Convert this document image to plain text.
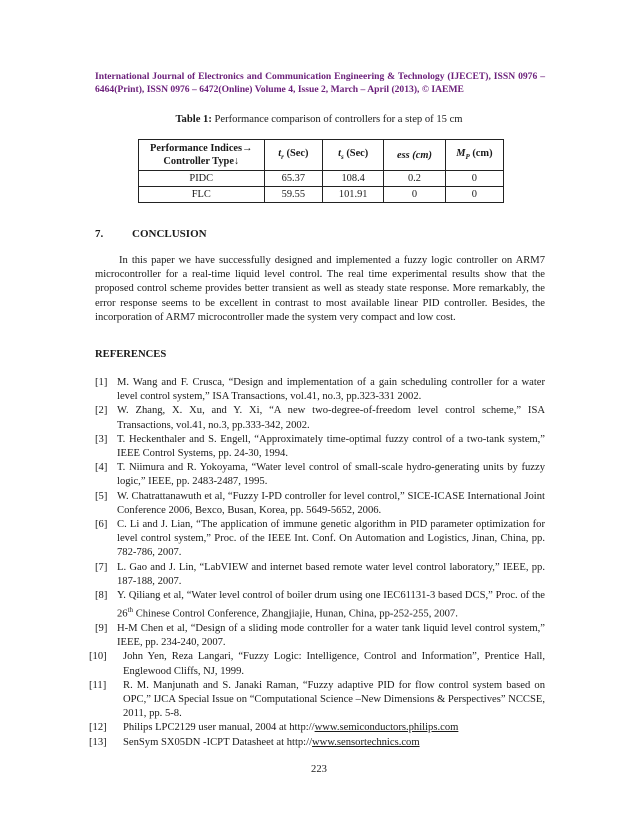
International Journal of Electronics and Communication Engineering & Technology (IJECET), ISSN 0976 – 6464(Print), ISSN 0976 – 6472(Online) Volume 4, Issue 2, March – April (2013), © IAEME
Table 1: Performance comparison of controllers for a step of 15 cm
Performance Indices→
Controller Type↓	$t_r$ (Sec)	$t_s$ (Sec)	ess (cm)	$M_P$ (cm)
PIDC	65.37	108.4	0.2	0
FLC	59.55	101.91	0	0
7.	CONCLUSION

In this paper we have successfully designed and implemented a fuzzy logic controller on ARM7 microcontroller for a real-time liquid level control. The real time experimental results show that the proposed control scheme provides better transient as well as steady state response. More remarkably, the error response seems to be excellent in contrast to most available linear PID controller. Besides, the incorporation of ARM7 microcontroller made the system very compact and low cost.

REFERENCES
[1] M. Wang and F. Crusca, “Design and implementation of a gain scheduling controller for a water level control system,” ISA Transactions, vol.41, no.3, pp.323-331 2002.
[2] W. Zhang, X. Xu, and Y. Xi, “A new two-degree-of-freedom level control scheme,” ISA Transactions, vol.41, no.3, pp.333-342, 2002.
[3] T. Heckenthaler and S. Engell, “Approximately time-optimal fuzzy control of a two-tank system,” IEEE Control Systems, pp. 24-30, 1994.
[4] T. Niimura and R. Yokoyama, “Water level control of small-scale hydro-generating units by fuzzy logic,” IEEE, pp. 2483-2487, 1995.
[5] W. Chatrattanawuth et al, “Fuzzy I-PD controller for level control,” SICE-ICASE International Joint Conference 2006, Bexco, Busan, Korea, pp. 5649-5652, 2006.
[6] C. Li and J. Lian, “The application of immune genetic algorithm in PID parameter optimization for level control system,” Proc. of the IEEE Int. Conf. On Automation and Logistics, Jinan, China, pp. 782-786, 2007.
[7] L. Gao and J. Lin, “LabVIEW and internet based remote water level control laboratory,” IEEE, pp. 187-188, 2007.
[8] Y. Qiliang et al, “Water level control of boiler drum using one IEC61131-3 based DCS,” Proc. of the 26th Chinese Control Conference, Zhangjiajie, Hunan, China, pp-252-255, 2007.
[9] H-M Chen et al, “Design of a sliding mode controller for a water tank liquid level control system,” IEEE, pp. 234-240, 2007.
[10] John Yen, Reza Langari, “Fuzzy Logic: Intelligence, Control and Information”, Prentice Hall, Englewood Cliffs, NJ, 1999.
[11] R. M. Manjunath and S. Janaki Raman, “Fuzzy adaptive PID for flow control system based on OPC,” IJCA Special Issue on “Computational Science –New Dimensions & Perspectives” NCCSE, 2011, pp. 5-8.
[12] Philips LPC2129 user manual, 2004 at http://www.semiconductors.philips.com
[13] SenSym SX05DN -ICPT Datasheet at http://www.sensortechnics.com
223
